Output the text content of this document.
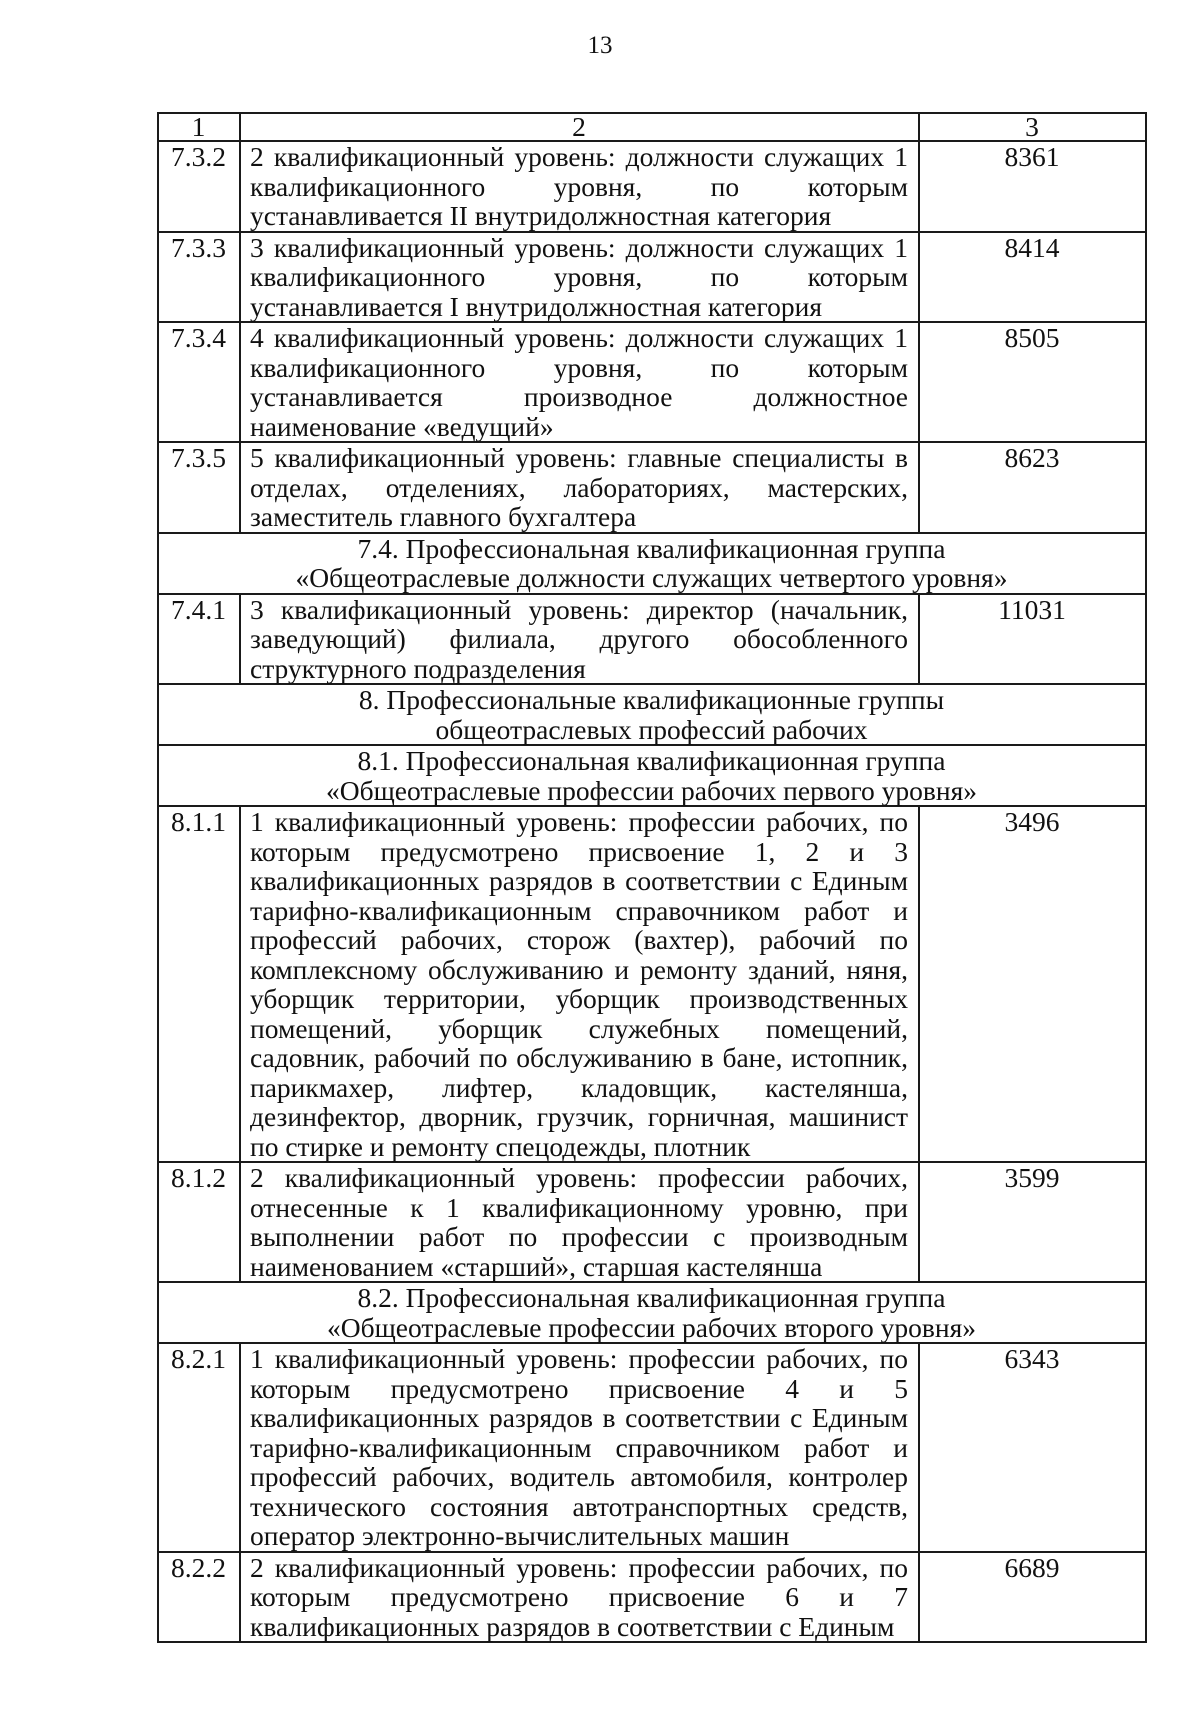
13
1	2	3
7.3.2	2 квалификационный уровень: должности служащих 1 квалификационного уровня, по которым устанавливается II внутридолжностная категория	8361
7.3.3	3 квалификационный уровень: должности служащих 1 квалификационного уровня, по которым устанавливается I внутридолжностная категория	8414
7.3.4	4 квалификационный уровень: должности служащих 1 квалификационного уровня, по которым устанавливается производное должностное наименование «ведущий»	8505
7.3.5	5 квалификационный уровень: главные специалисты в отделах, отделениях, лабораториях, мастерских, заместитель главного бухгалтера	8623

7.4. Профессиональная квалификационная группа
«Общеотраслевые должности служащих четвертого уровня»		

7.4.1	3 квалификационный уровень: директор (начальник, заведующий) филиала, другого обособленного структурного подразделения	11031

8. Профессиональные квалификационные группы
общеотраслевых профессий рабочих		

8.1. Профессиональная квалификационная группа
«Общеотраслевые профессии рабочих первого уровня»		

8.1.1	1 квалификационный уровень: профессии рабочих, по которым предусмотрено присвоение 1, 2 и 3 квалификационных разрядов в соответствии с Единым тарифно-квалификационным справочником работ и профессий рабочих, сторож (вахтер), рабочий по комплексному обслуживанию и ремонту зданий, няня, уборщик территории, уборщик производственных помещений, уборщик служебных помещений, садовник, рабочий по обслуживанию в бане, истопник, парикмахер, лифтер, кладовщик, кастелянша, дезинфектор, дворник, грузчик, горничная, машинист по стирке и ремонту спецодежды, плотник	3496
8.1.2	2 квалификационный уровень: профессии рабочих, отнесенные к 1 квалификационному уровню, при выполнении работ по профессии с производным наименованием «старший», старшая кастелянша	3599

8.2. Профессиональная квалификационная группа
«Общеотраслевые профессии рабочих второго уровня»		

8.2.1	1 квалификационный уровень: профессии рабочих, по которым предусмотрено присвоение 4 и 5 квалификационных разрядов в соответствии с Единым тарифно-квалификационным справочником работ и профессий рабочих, водитель автомобиля, контролер технического состояния автотранспортных средств, оператор электронно-вычислительных машин	6343
8.2.2	2 квалификационный уровень: профессии рабочих, по которым предусмотрено присвоение 6 и 7 квалификационных разрядов в соответствии с Единым	6689
